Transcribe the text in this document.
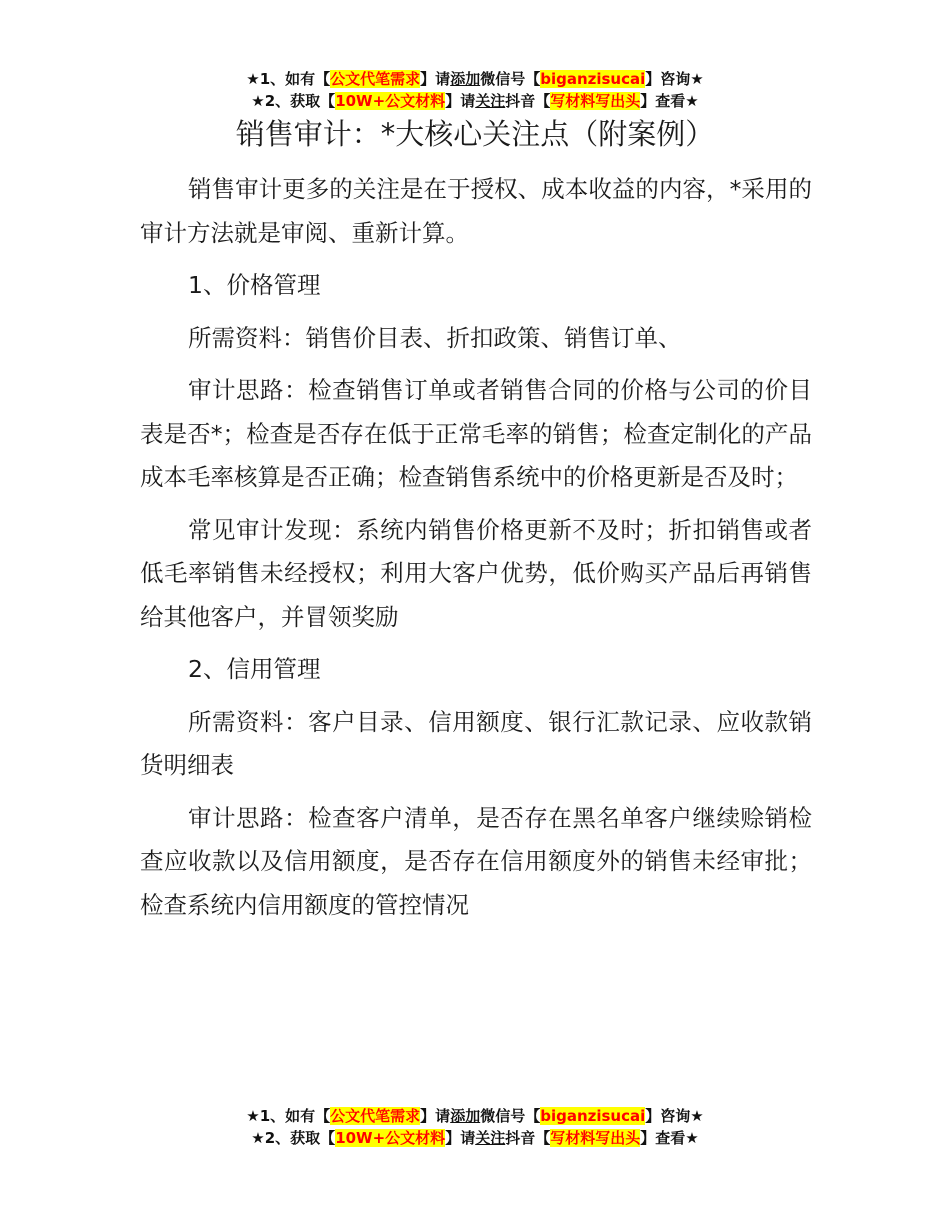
★1、如有【公文代笔需求】请添加微信号【biganzisucai】咨询★
★2、获取【10W+公文材料】请关注抖音【写材料写出头】查看★
销售审计：*大核心关注点（附案例）

销售审计更多的关注是在于授权、成本收益的内容，*采用的审计方法就是审阅、重新计算。

1、价格管理

所需资料：销售价目表、折扣政策、销售订单、

审计思路：检查销售订单或者销售合同的价格与公司的价目表是否*；检查是否存在低于正常毛率的销售；检查定制化的产品成本毛率核算是否正确；检查销售系统中的价格更新是否及时；

常见审计发现：系统内销售价格更新不及时；折扣销售或者低毛率销售未经授权；利用大客户优势，低价购买产品后再销售给其他客户，并冒领奖励

2、信用管理

所需资料：客户目录、信用额度、银行汇款记录、应收款销货明细表

审计思路：检查客户清单，是否存在黑名单客户继续赊销检查应收款以及信用额度，是否存在信用额度外的销售未经审批；检查系统内信用额度的管控情况

★1、如有【公文代笔需求】请添加微信号【biganzisucai】咨询★
★2、获取【10W+公文材料】请关注抖音【写材料写出头】查看★
